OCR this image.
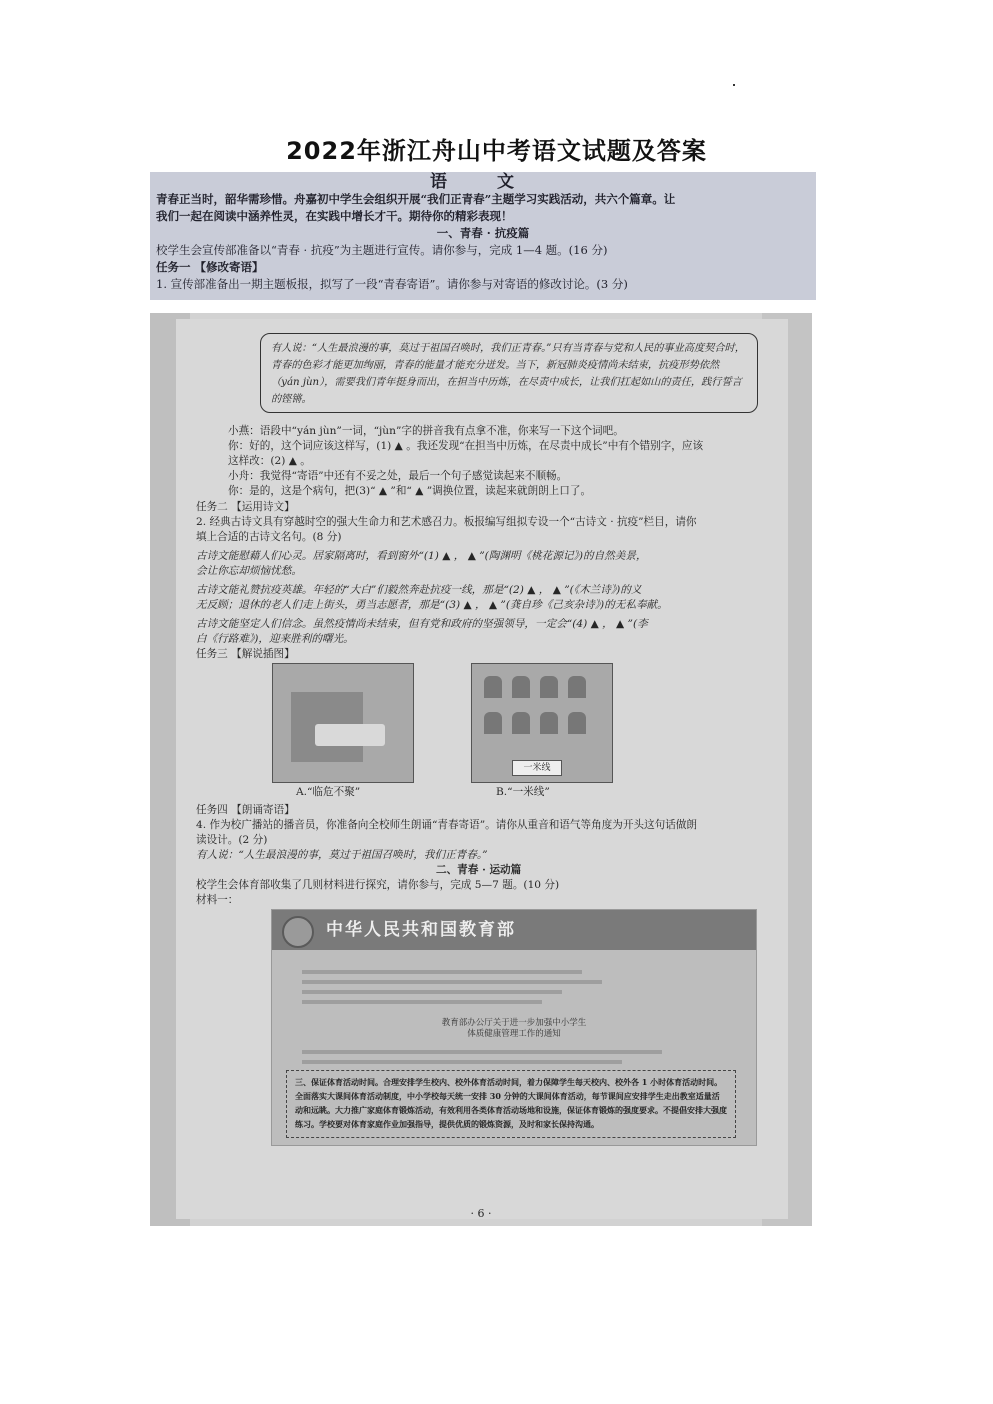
2022年浙江舟山中考语文试题及答案
语 文

青春正当时，韶华需珍惜。舟嘉初中学生会组织开展“我们正青春”主题学习实践活动，共六个篇章。让

我们一起在阅读中涵养性灵，在实践中增长才干。期待你的精彩表现！

一、青春 · 抗疫篇

校学生会宣传部准备以“青春 · 抗疫”为主题进行宣传。请你参与，完成 1—4 题。(16 分)

任务一 【修改寄语】

1. 宣传部准备出一期主题板报，拟写了一段“青春寄语”。请你参与对寄语的修改讨论。(3 分)

有人说：“人生最浪漫的事，莫过于祖国召唤时，我们正青春。”只有当青春与党和人民的事业高度契合时，青春的色彩才能更加绚丽，青春的能量才能充分迸发。当下，新冠肺炎疫情尚未结束，抗疫形势依然（yán jùn），需要我们青年挺身而出，在担当中历炼，在尽责中成长，让我们扛起如山的责任，践行誓言的铿锵。
小燕：语段中“yán jùn”一词，“jùn”字的拼音我有点拿不准，你来写一下这个词吧。
你：好的，这个词应该这样写，(1) ▲ 。我还发现“在担当中历炼，在尽责中成长”中有个错别字，应该
这样改：(2) ▲ 。
小舟：我觉得“寄语”中还有不妥之处，最后一个句子感觉读起来不顺畅。
你：是的，这是个病句，把(3)“ ▲ ”和“ ▲ ”调换位置，读起来就朗朗上口了。
任务二 【运用诗文】
2. 经典古诗文具有穿越时空的强大生命力和艺术感召力。板报编写组拟专设一个“古诗文 · 抗疫”栏目，请你
填上合适的古诗文名句。(8 分)
古诗文能慰藉人们心灵。居家隔离时，看到窗外“(1) ▲ ， ▲ ”(陶渊明《桃花源记》)的自然美景，
会让你忘却烦恼忧愁。
古诗文能礼赞抗疫英雄。年轻的“大白”们毅然奔赴抗疫一线，那是“(2) ▲ ， ▲ ”(《木兰诗》)的义
无反顾；退休的老人们走上街头，勇当志愿者，那是“(3) ▲ ， ▲ ”(龚自珍《己亥杂诗》)的无私奉献。
古诗文能坚定人们信念。虽然疫情尚未结束，但有党和政府的坚强领导，一定会“(4) ▲ ， ▲ ”(李
白《行路难》)，迎来胜利的曙光。
任务三 【解说插图】
一米线
A.“临危不聚”	B.“一米线”
任务四 【朗诵寄语】
4. 作为校广播站的播音员，你准备向全校师生朗诵“青春寄语”。请你从重音和语气等角度为开头这句话做朗
读设计。(2 分)
有人说：“人生最浪漫的事，莫过于祖国召唤时，我们正青春。”
二、青春 · 运动篇
校学生会体育部收集了几则材料进行探究，请你参与，完成 5—7 题。(10 分)
材料一：
中华人民共和国教育部
教育部办公厅关于进一步加强中小学生
体质健康管理工作的通知
三、保证体育活动时间。合理安排学生校内、校外体育活动时间，着力保障学生每天校内、校外各 1 小时体育活动时间。全面落实大课间体育活动制度，中小学校每天统一安排 30 分钟的大课间体育活动，每节课间应安排学生走出教室适量活动和远眺。大力推广家庭体育锻炼活动，有效利用各类体育活动场地和设施，保证体育锻炼的强度要求。不提倡安排大强度练习。学校要对体育家庭作业加强指导，提供优质的锻炼资源，及时和家长保持沟通。
· 6 ·
